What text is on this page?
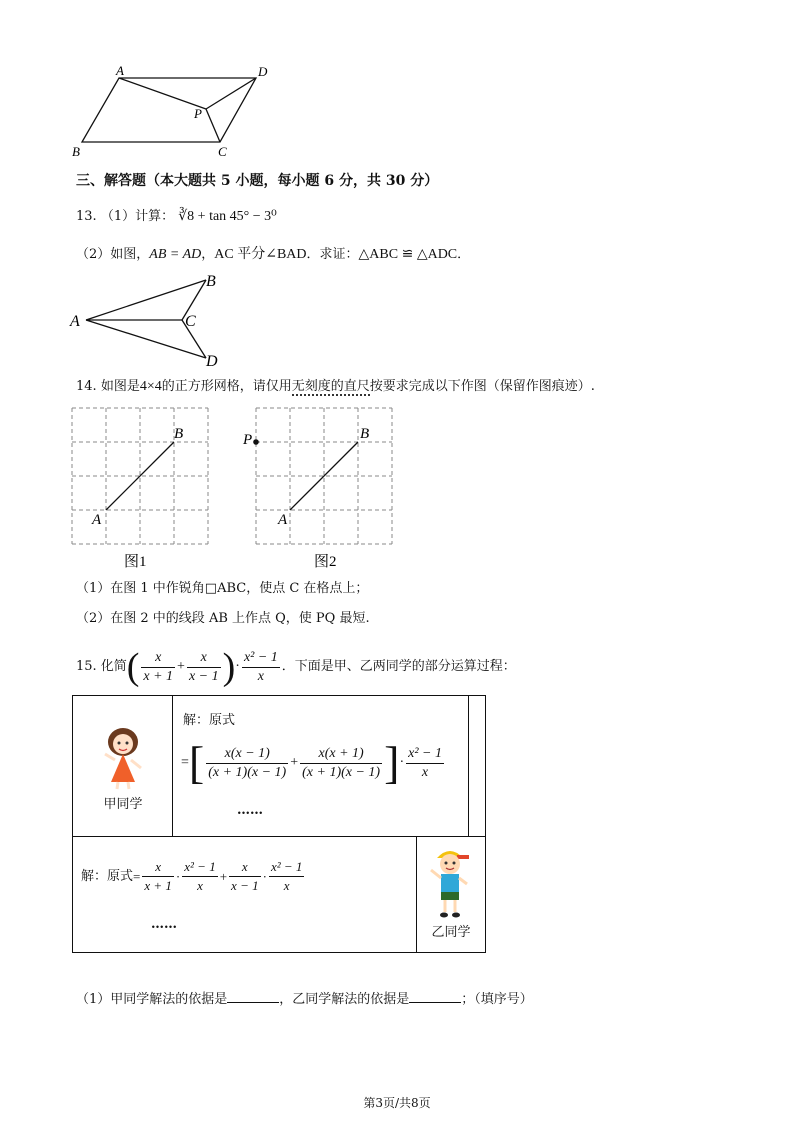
A	D
P
B	C
三、解答题（本大题共 5 小题，每小题 6 分，共 30 分）
13. （1）计算： ∛8 + tan 45° − 3⁰
（2）如图，AB = AD，AC 平分∠BAD．求证：△ABC ≌ △ADC．
A
B
C
D
14. 如图是4×4的正方形网格，请仅用无刻度的直尺按要求完成以下作图（保留作图痕迹）.
A
B
图1
P
A
B
图2
（1）在图 1 中作锐角□ABC，使点 C 在格点上；
（2）在图 2 中的线段 AB 上作点 Q，使 PQ 最短.
15. 化简 ( $\frac{x}{x + 1} + \frac{x}{x - 1}$ ) · $\frac{\text{x² − 1}}{x}$ ．下面是甲、乙两同学的部分运算过程：
甲同学
解：原式
= [ $\frac{x(x - 1)}{(x + 1)(x - 1)} + \frac{x(x + 1)}{(x + 1)(x - 1)}$ ] · $\frac{\text{x² − 1}}{x}$
……
解：原式 = $\frac{x}{x + 1} \cdot \frac{\text{x² − 1}}{x} + \frac{x}{x - 1} \cdot \frac{\text{x² − 1}}{x}$
……
乙同学
（1）甲同学解法的依据是	，乙同学解法的依据是	；（填序号）
第3页/共8页
